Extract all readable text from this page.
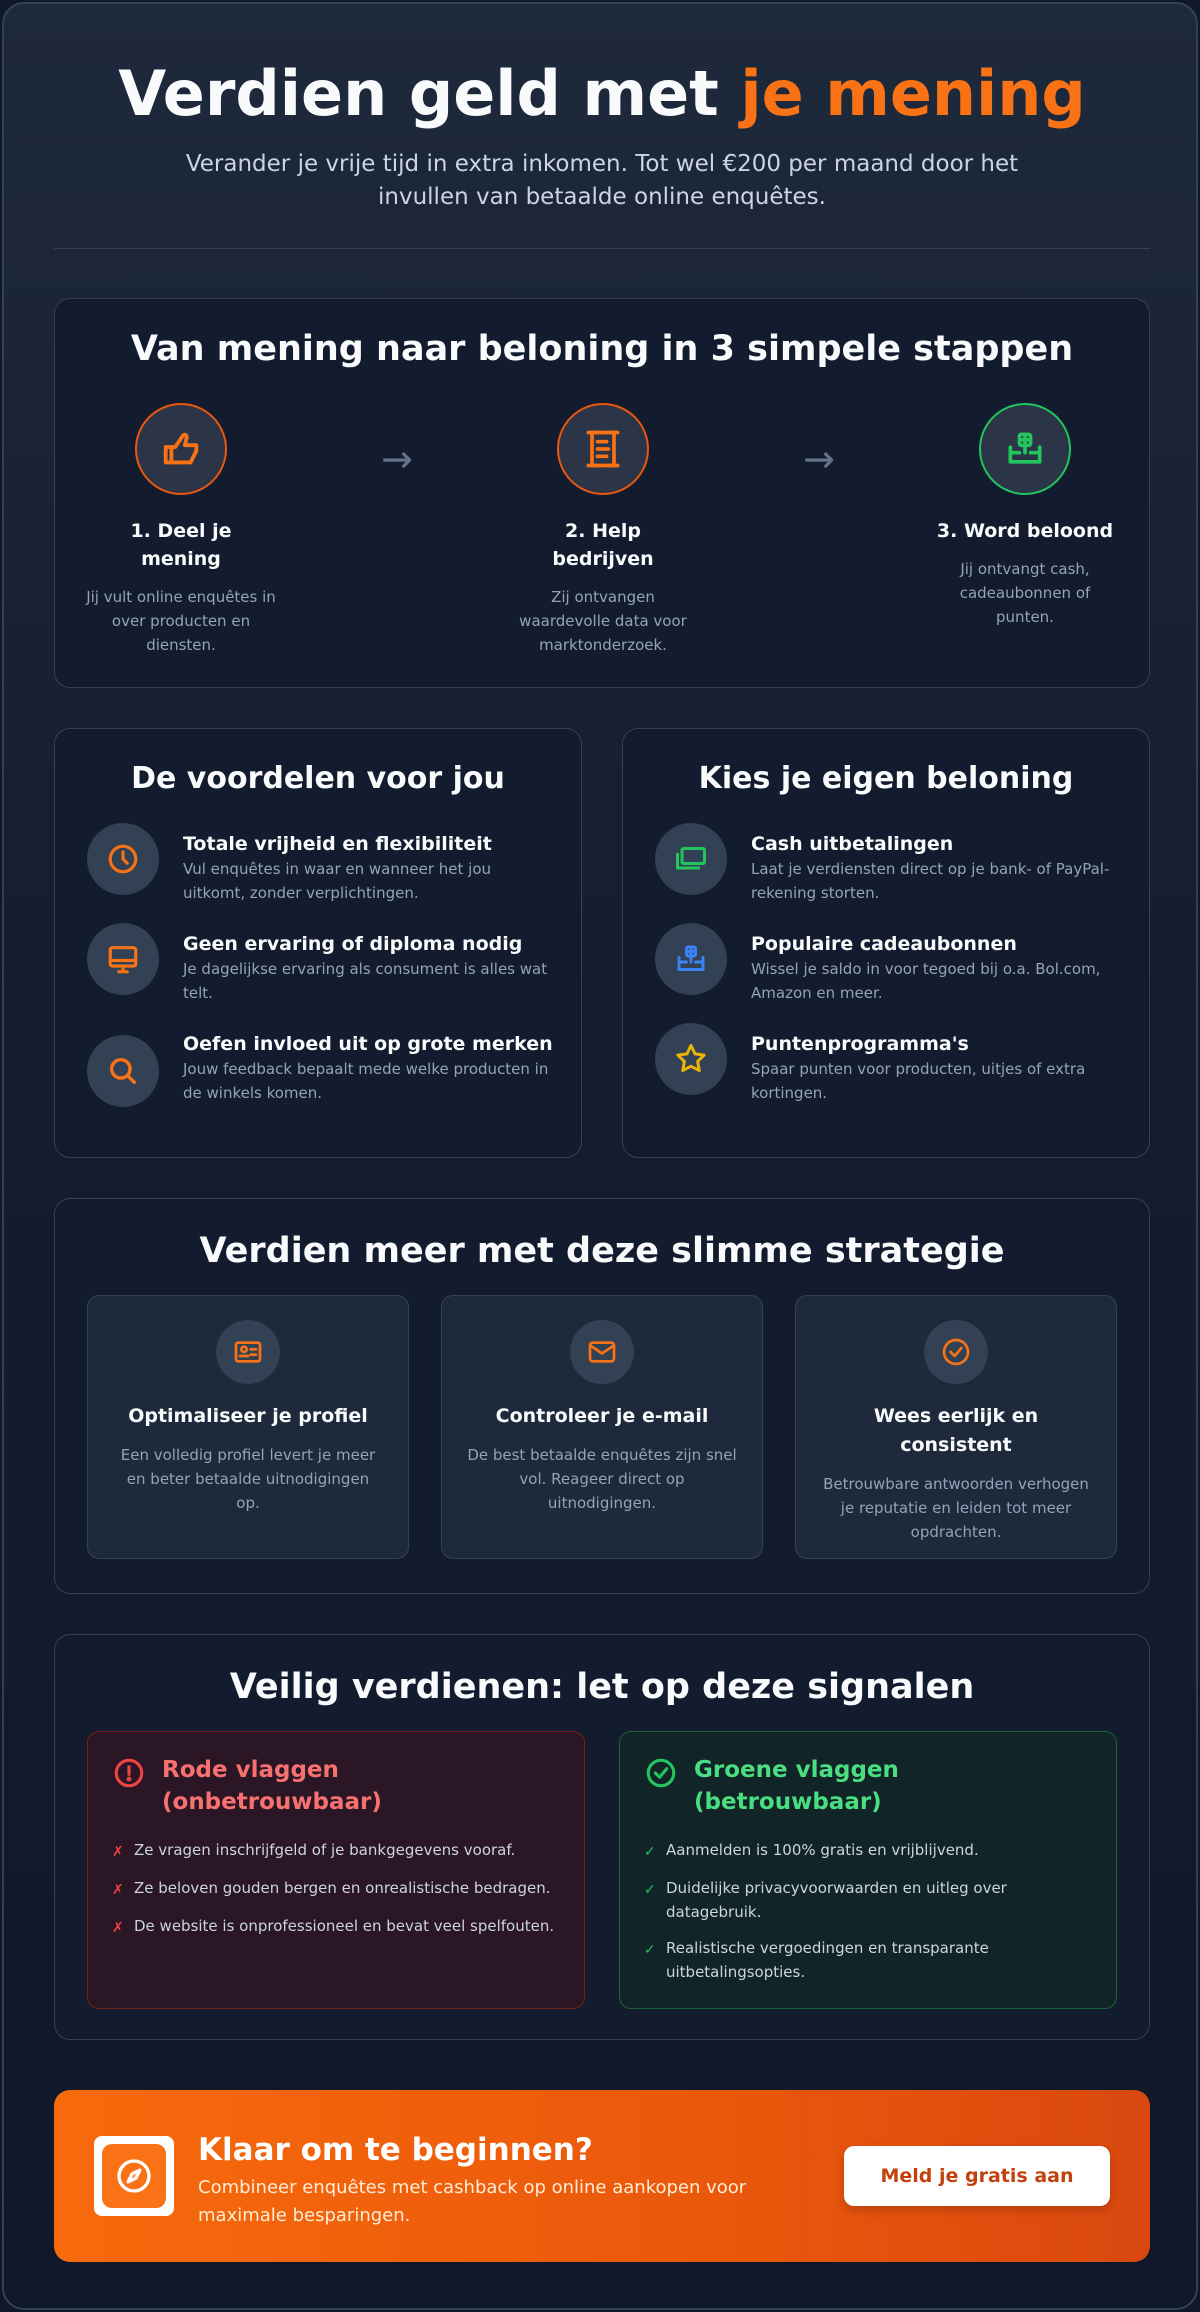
Verdien geld met je mening

Verander je vrije tijd in extra inkomen. Tot wel €200 per maand door het invullen van betaalde online enquêtes.

Van mening naar beloning in 3 simpele stappen
1. Deel je mening

Jij vult online enquêtes in over producten en diensten.

→
2. Help bedrijven

Zij ontvangen waardevolle data voor marktonderzoek.

→
3. Word beloond

Jij ontvangt cash, cadeaubonnen of punten.

De voordelen voor jou
Totale vrijheid en flexibiliteit

Vul enquêtes in waar en wanneer het jou uitkomt, zonder verplichtingen.

Geen ervaring of diploma nodig

Je dagelijkse ervaring als consument is alles wat telt.

Oefen invloed uit op grote merken

Jouw feedback bepaalt mede welke producten in de winkels komen.

Kies je eigen beloning
Cash uitbetalingen

Laat je verdiensten direct op je bank- of PayPal-rekening storten.

Populaire cadeaubonnen

Wissel je saldo in voor tegoed bij o.a. Bol.com, Amazon en meer.

Puntenprogramma's

Spaar punten voor producten, uitjes of extra kortingen.

Verdien meer met deze slimme strategie
Optimaliseer je profiel

Een volledig profiel levert je meer en beter betaalde uitnodigingen op.

Controleer je e-mail

De best betaalde enquêtes zijn snel vol. Reageer direct op uitnodigingen.

Wees eerlijk en consistent

Betrouwbare antwoorden verhogen je reputatie en leiden tot meer opdrachten.

Veilig verdienen: let op deze signalen
Rode vlaggen (onbetrouwbaar)
✗ Ze vragen inschrijfgeld of je bankgegevens vooraf.
✗ Ze beloven gouden bergen en onrealistische bedragen.
✗ De website is onprofessioneel en bevat veel spelfouten.
Groene vlaggen (betrouwbaar)
✓ Aanmelden is 100% gratis en vrijblijvend.
✓ Duidelijke privacyvoorwaarden en uitleg over datagebruik.
✓ Realistische vergoedingen en transparante uitbetalingsopties.
Klaar om te beginnen?

Combineer enquêtes met cashback op online aankopen voor maximale besparingen.

Meld je gratis aan
